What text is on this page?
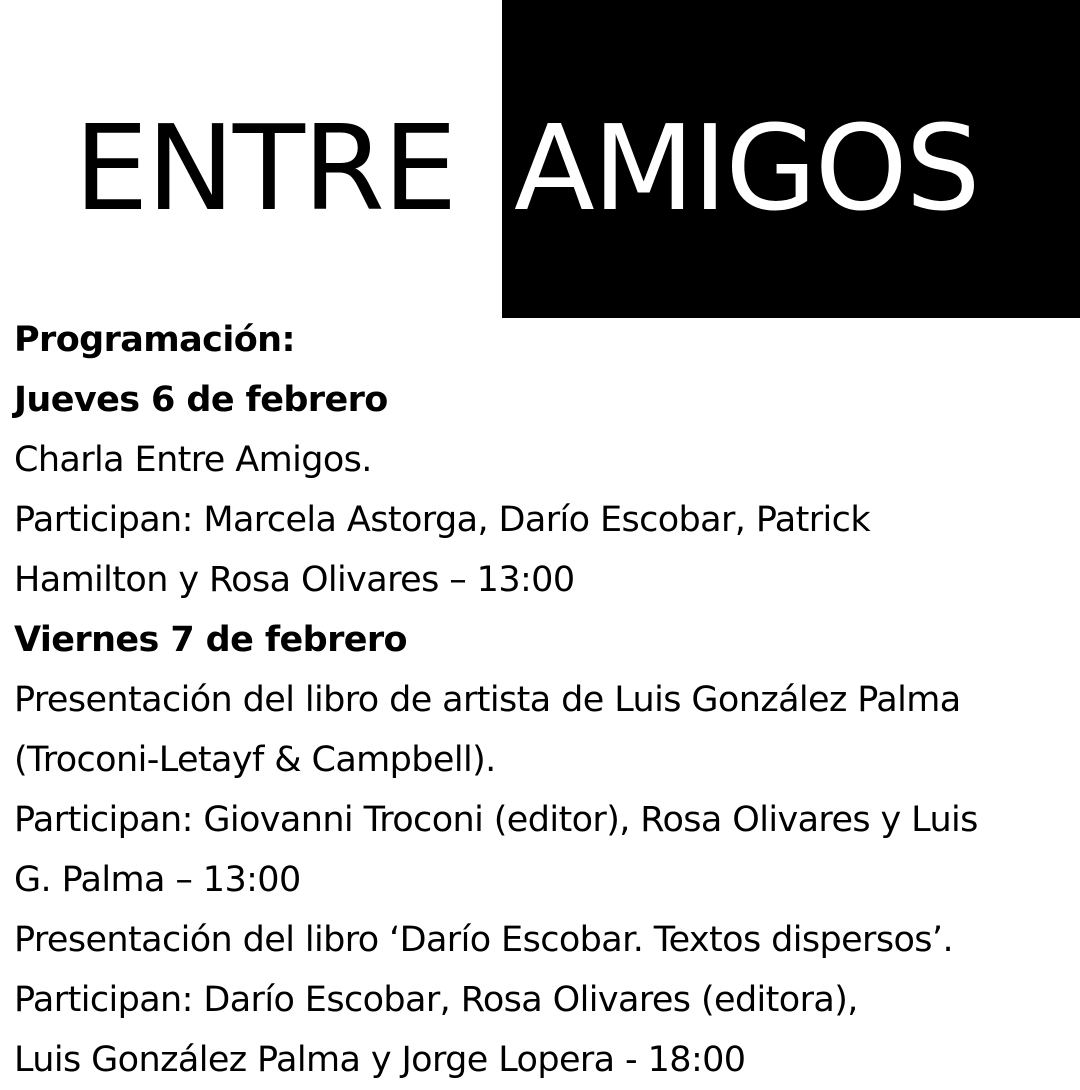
ENTRE AMIGOS
Programación:
Jueves 6 de febrero
Charla Entre Amigos.
Participan: Marcela Astorga, Darío Escobar, Patrick
Hamilton y Rosa Olivares – 13:00
Viernes 7 de febrero
Presentación del libro de artista de Luis González Palma
(Troconi-Letayf & Campbell).
Participan: Giovanni Troconi (editor), Rosa Olivares y Luis
G. Palma – 13:00
Presentación del libro ‘Darío Escobar. Textos dispersos’.
Participan: Darío Escobar, Rosa Olivares (editora),
Luis González Palma y Jorge Lopera - 18:00
